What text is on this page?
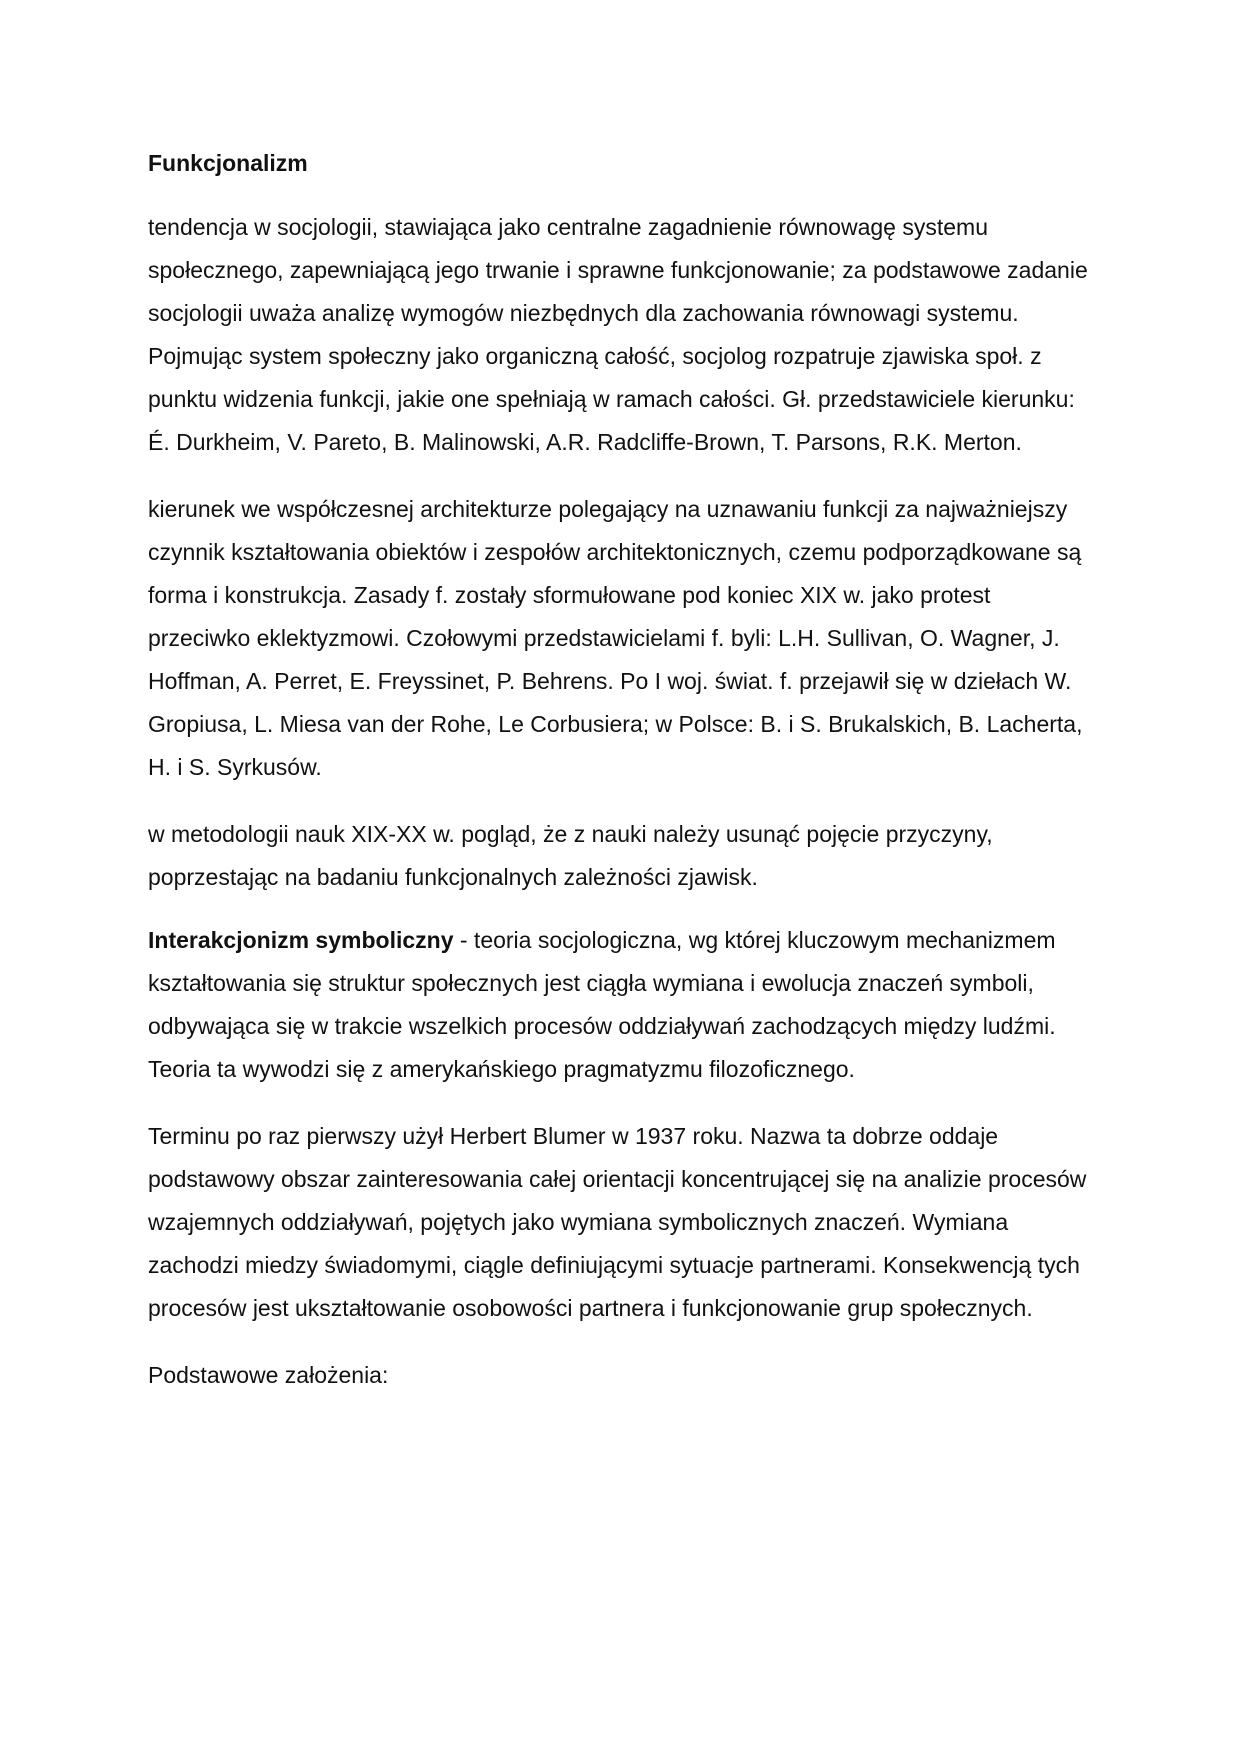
Funkcjonalizm

tendencja w socjologii, stawiająca jako centralne zagadnienie równowagę systemu społecznego, zapewniającą jego trwanie i sprawne funkcjonowanie; za podstawowe zadanie socjologii uważa analizę wymogów niezbędnych dla zachowania równowagi systemu. Pojmując system społeczny jako organiczną całość, socjolog rozpatruje zjawiska społ. z punktu widzenia funkcji, jakie one spełniają w ramach całości. Gł. przedstawiciele kierunku: É. Durkheim, V. Pareto, B. Malinowski, A.R. Radcliffe-Brown, T. Parsons, R.K. Merton.

kierunek we współczesnej architekturze polegający na uznawaniu funkcji za najważniejszy czynnik kształtowania obiektów i zespołów architektonicznych, czemu podporządkowane są forma i konstrukcja. Zasady f. zostały sformułowane pod koniec XIX w. jako protest przeciwko eklektyzmowi. Czołowymi przedstawicielami f. byli: L.H. Sullivan, O. Wagner, J. Hoffman, A. Perret, E. Freyssinet, P. Behrens. Po I woj. świat. f. przejawił się w dziełach W. Gropiusa, L. Miesa van der Rohe, Le Corbusiera; w Polsce: B. i S. Brukalskich, B. Lacherta, H. i S. Syrkusów.

w metodologii nauk XIX-XX w. pogląd, że z nauki należy usunąć pojęcie przyczyny, poprzestając na badaniu funkcjonalnych zależności zjawisk.

Interakcjonizm symboliczny - teoria socjologiczna, wg której kluczowym mechanizmem kształtowania się struktur społecznych jest ciągła wymiana i ewolucja znaczeń symboli, odbywająca się w trakcie wszelkich procesów oddziaływań zachodzących między ludźmi. Teoria ta wywodzi się z amerykańskiego pragmatyzmu filozoficznego.

Terminu po raz pierwszy użył Herbert Blumer w 1937 roku. Nazwa ta dobrze oddaje podstawowy obszar zainteresowania całej orientacji koncentrującej się na analizie procesów wzajemnych oddziaływań, pojętych jako wymiana symbolicznych znaczeń. Wymiana zachodzi miedzy świadomymi, ciągle definiującymi sytuacje partnerami. Konsekwencją tych procesów jest ukształtowanie osobowości partnera i funkcjonowanie grup społecznych.

Podstawowe założenia:
